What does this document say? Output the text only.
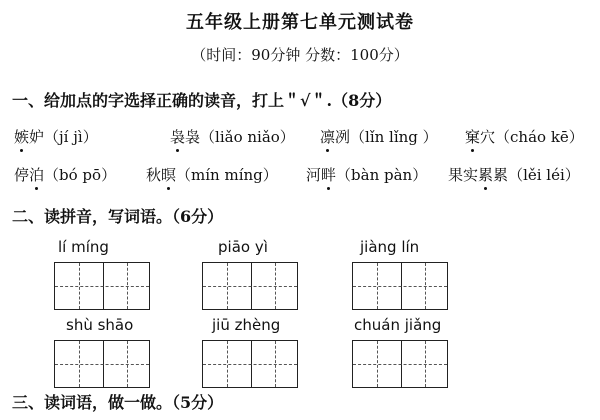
五年级上册第七单元测试卷
（时间：90分钟 分数：100分）
一、给加点的字选择正确的读音，打上＂√＂.（8分）
嫉妒（jí jì）	袅袅（liǎo niǎo） 凛冽（lǐn lǐng ） 窠穴（cháo kē）
停泊（bó pō） 秋暝（mín míng） 河畔（bàn pàn） 果实累累（lěi léi）
二、读拼音，写词语。（6分）
lí míng	piāo yì	jiàng lín
shù shāo	jiū zhèng	chuán jiǎng
三、读词语，做一做。（5分）
